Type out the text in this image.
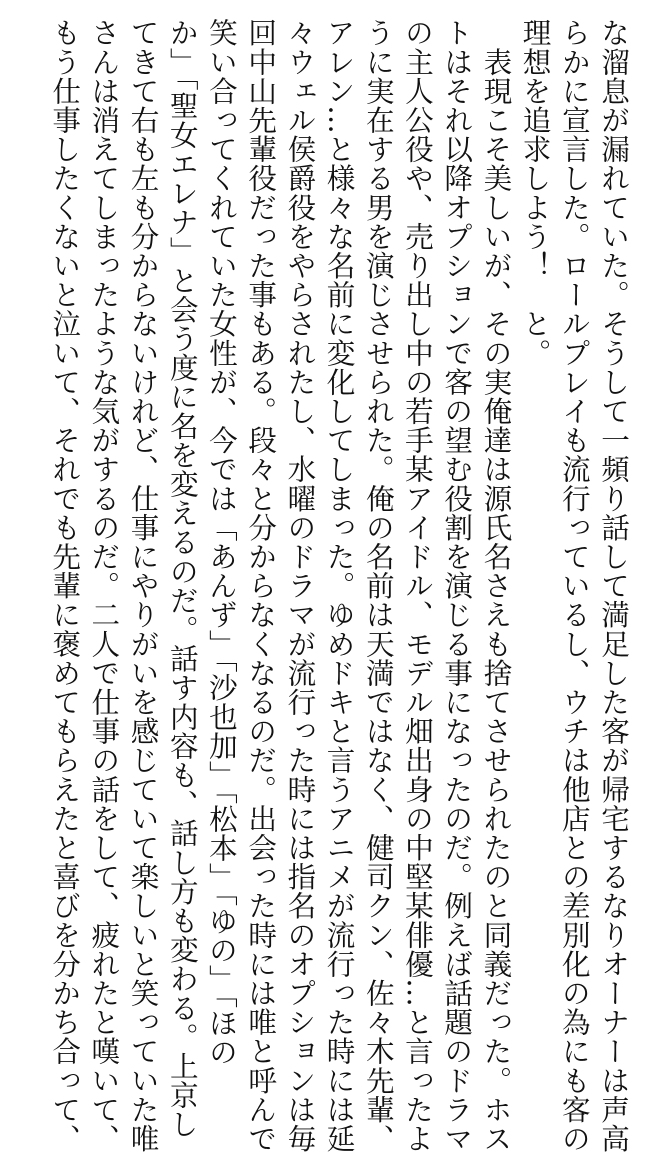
な溜息が漏れていた。そうして一頻り話して満足した客が帰宅するなりオーナーは声高

らかに宣言した。ロールプレイも流行っているし、ウチは他店との差別化の為にも客の

理想を追求しよう！　と。

　表現こそ美しいが、その実俺達は源氏名さえも捨てさせられたのと同義だった。ホス

トはそれ以降オプションで客の望む役割を演じる事になったのだ。例えば話題のドラマ

の主人公役や、売り出し中の若手某アイドル、モデル畑出身の中堅某俳優…と言ったよ

うに実在する男を演じさせられた。俺の名前は天満ではなく、健司クン、佐々木先輩、

アレン…と様々な名前に変化してしまった。ゆめドキと言うアニメが流行った時には延

々ウェル侯爵役をやらされたし、水曜のドラマが流行った時には指名のオプションは毎

回中山先輩役だった事もある。段々と分からなくなるのだ。出会った時には唯と呼んで

笑い合ってくれていた女性が、今では「あんず」「沙也加」「松本」「ゆの」「ほの

か」「聖女エレナ」と会う度に名を変えるのだ。話す内容も、話し方も変わる。上京し

てきて右も左も分からないけれど、仕事にやりがいを感じていて楽しいと笑っていた唯

さんは消えてしまったような気がするのだ。二人で仕事の話をして、疲れたと嘆いて、

もう仕事したくないと泣いて、それでも先輩に褒めてもらえたと喜びを分かち合って、
